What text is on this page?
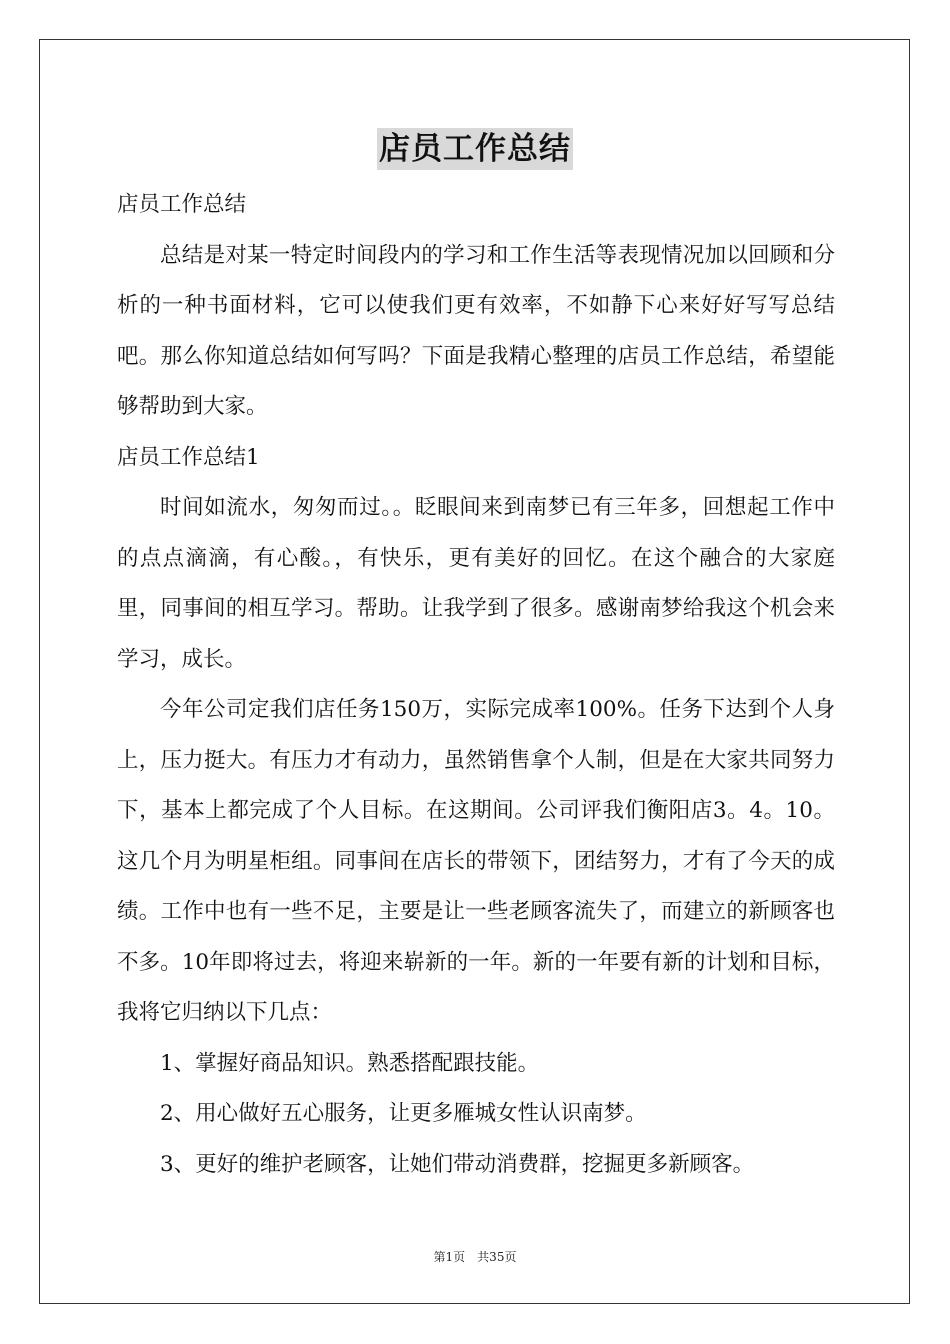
店员工作总结

店员工作总结

总结是对某一特定时间段内的学习和工作生活等表现情况加以回顾和分析的一种书面材料，它可以使我们更有效率，不如静下心来好好写写总结吧。那么你知道总结如何写吗？下面是我精心整理的店员工作总结，希望能够帮助到大家。

店员工作总结1

时间如流水，匆匆而过。。眨眼间来到南梦已有三年多，回想起工作中的点点滴滴，有心酸。，有快乐，更有美好的回忆。在这个融合的大家庭里，同事间的相互学习。帮助。让我学到了很多。感谢南梦给我这个机会来学习，成长。

今年公司定我们店任务150万，实际完成率100%。任务下达到个人身上，压力挺大。有压力才有动力，虽然销售拿个人制，但是在大家共同努力下，基本上都完成了个人目标。在这期间。公司评我们衡阳店3。4。10。这几个月为明星柜组。同事间在店长的带领下，团结努力，才有了今天的成绩。工作中也有一些不足，主要是让一些老顾客流失了，而建立的新顾客也不多。10年即将过去，将迎来崭新的一年。新的一年要有新的计划和目标，我将它归纳以下几点：

1、掌握好商品知识。熟悉搭配跟技能。

2、用心做好五心服务，让更多雁城女性认识南梦。

3、更好的维护老顾客，让她们带动消费群，挖掘更多新顾客。

第1页　共35页
